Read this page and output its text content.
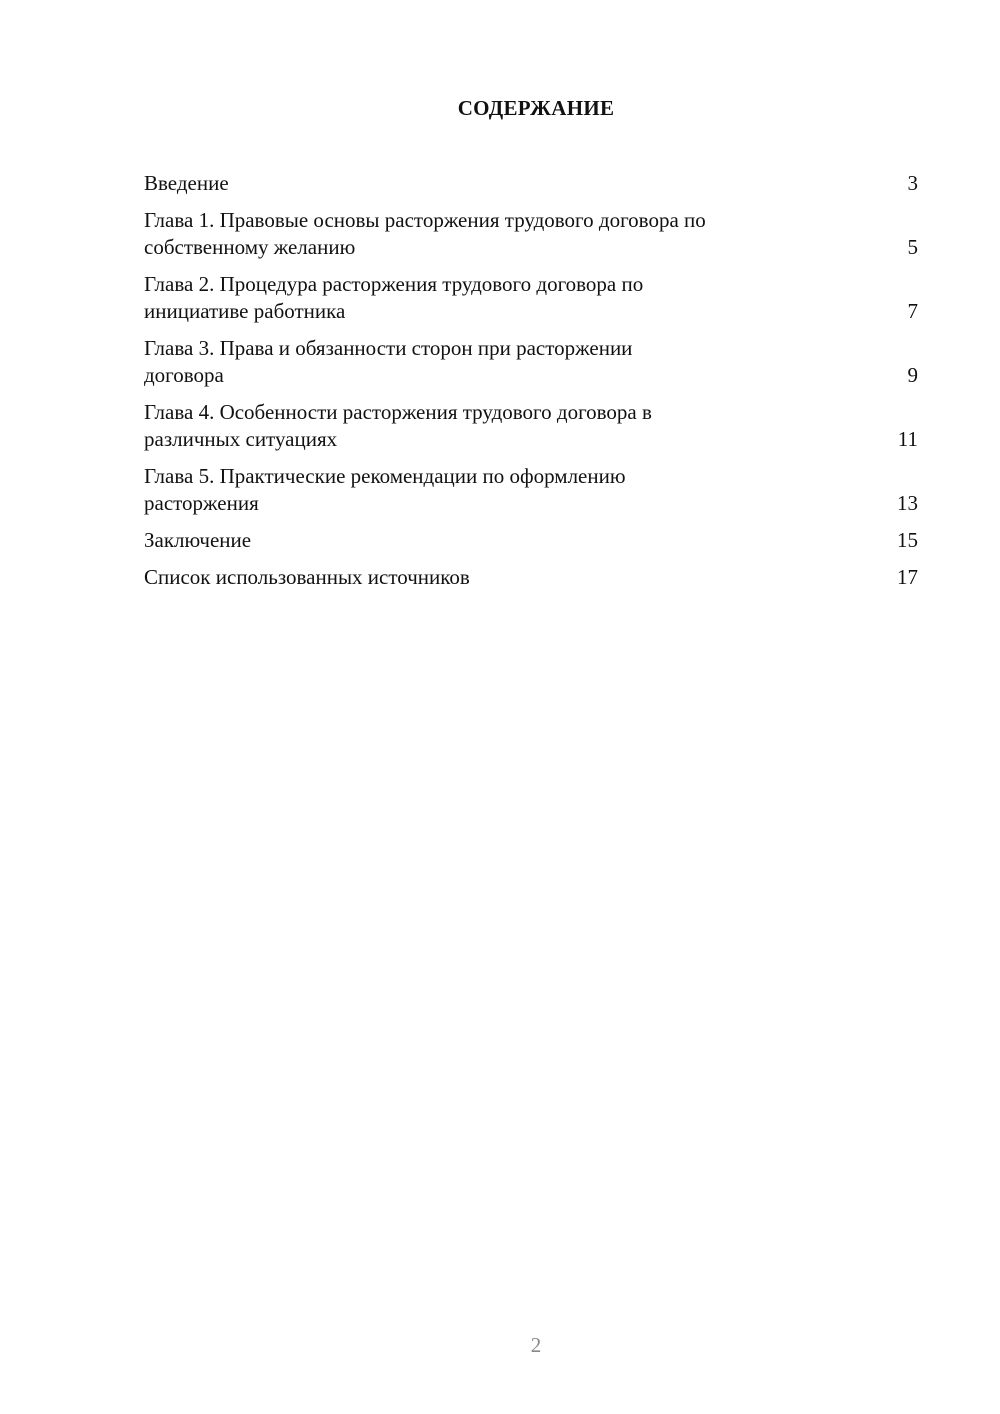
СОДЕРЖАНИЕ
Введение	3
Глава 1. Правовые основы расторжения трудового договора по
собственному желанию	5
Глава 2. Процедура расторжения трудового договора по
инициативе работника	7
Глава 3. Права и обязанности сторон при расторжении
договора	9
Глава 4. Особенности расторжения трудового договора в
различных ситуациях	11
Глава 5. Практические рекомендации по оформлению
расторжения	13
Заключение	15
Список использованных источников	17
2
